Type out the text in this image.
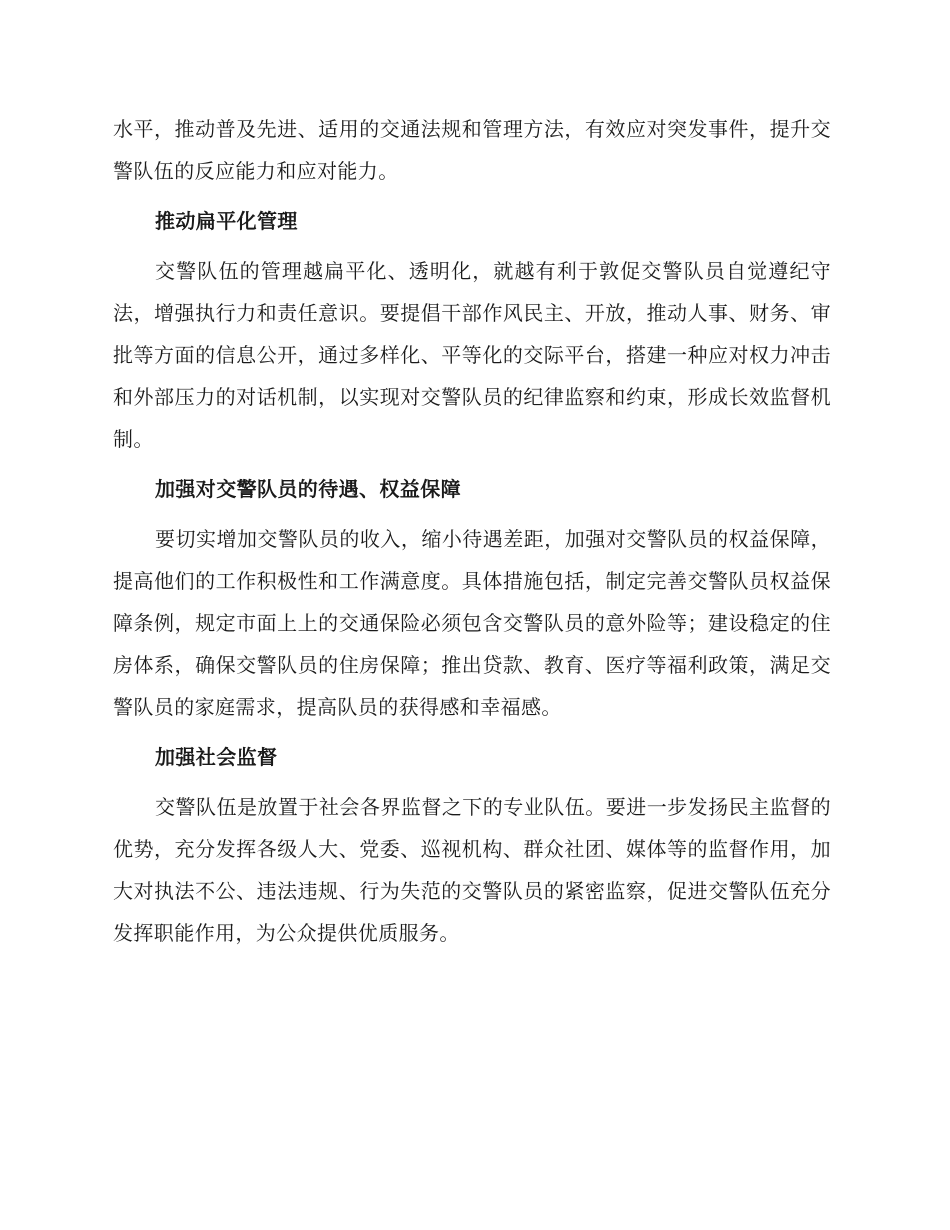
水平，推动普及先进、适用的交通法规和管理方法，有效应对突发事件，提升交警队伍的反应能力和应对能力。

推动扁平化管理

交警队伍的管理越扁平化、透明化，就越有利于敦促交警队员自觉遵纪守法，增强执行力和责任意识。要提倡干部作风民主、开放，推动人事、财务、审批等方面的信息公开，通过多样化、平等化的交际平台，搭建一种应对权力冲击和外部压力的对话机制，以实现对交警队员的纪律监察和约束，形成长效监督机制。

加强对交警队员的待遇、权益保障

要切实增加交警队员的收入，缩小待遇差距，加强对交警队员的权益保障，提高他们的工作积极性和工作满意度。具体措施包括，制定完善交警队员权益保障条例，规定市面上上的交通保险必须包含交警队员的意外险等；建设稳定的住房体系，确保交警队员的住房保障；推出贷款、教育、医疗等福利政策，满足交警队员的家庭需求，提高队员的获得感和幸福感。

加强社会监督

交警队伍是放置于社会各界监督之下的专业队伍。要进一步发扬民主监督的优势，充分发挥各级人大、党委、巡视机构、群众社团、媒体等的监督作用，加大对执法不公、违法违规、行为失范的交警队员的紧密监察，促进交警队伍充分发挥职能作用，为公众提供优质服务。
